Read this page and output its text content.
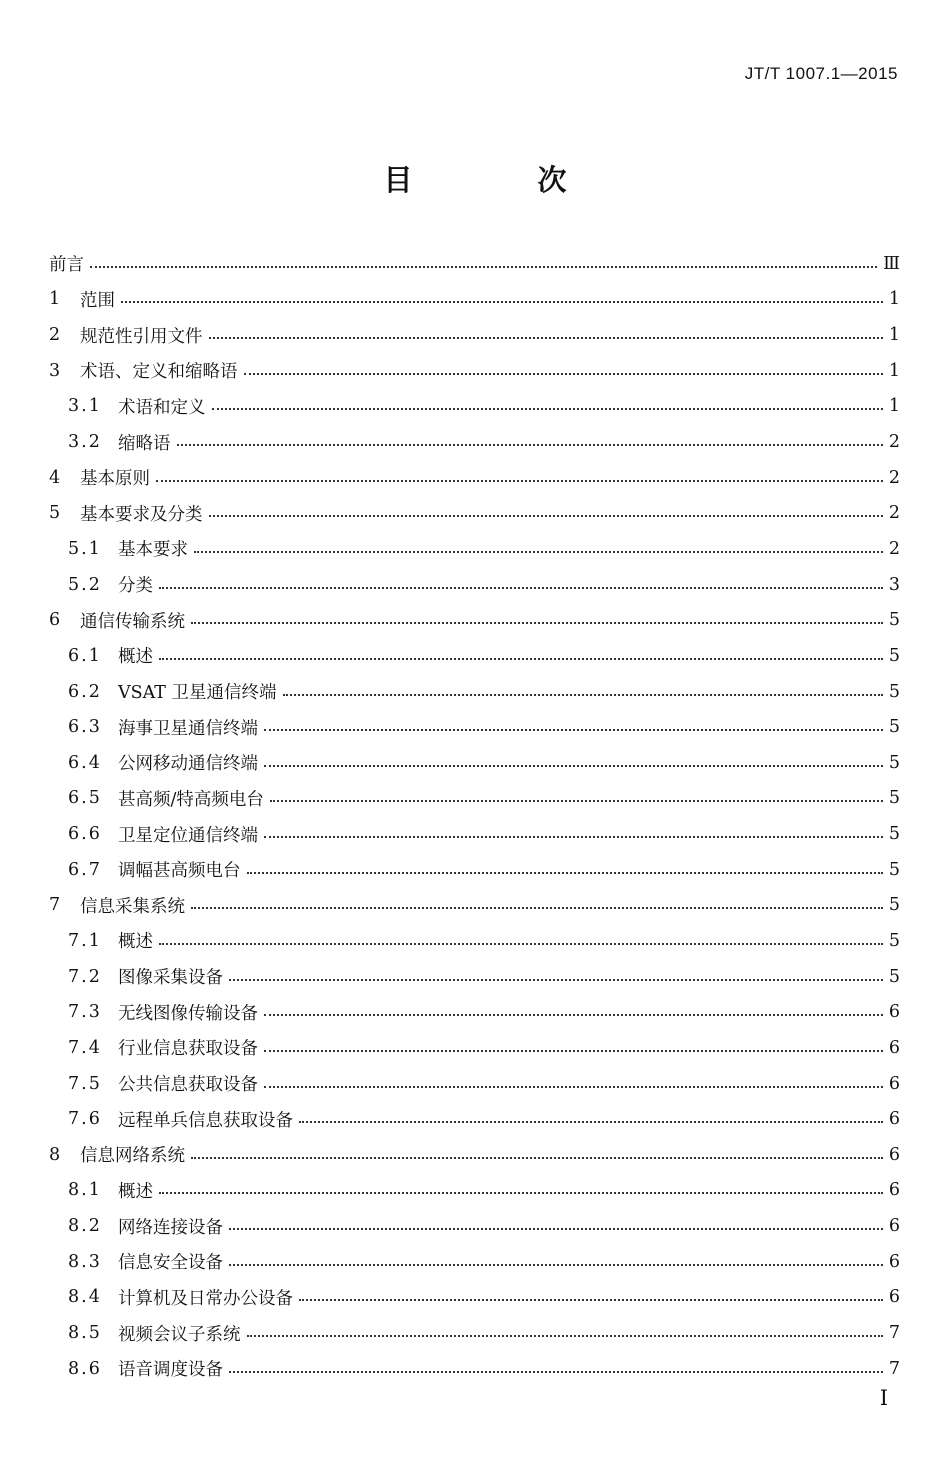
JT/T 1007.1—2015
目　次
前言	Ⅲ
1	范围	1
2	规范性引用文件	1
3	术语、定义和缩略语	1
3.1 术语和定义	1
3.2 缩略语	2
4	基本原则	2
5	基本要求及分类	2
5.1 基本要求	2
5.2 分类	3
6	通信传输系统	5
6.1 概述	5
6.2 VSAT 卫星通信终端	5
6.3 海事卫星通信终端	5
6.4 公网移动通信终端	5
6.5 甚高频/特高频电台	5
6.6 卫星定位通信终端	5
6.7 调幅甚高频电台	5
7	信息采集系统	5
7.1 概述	5
7.2 图像采集设备	5
7.3 无线图像传输设备	6
7.4 行业信息获取设备	6
7.5 公共信息获取设备	6
7.6 远程单兵信息获取设备	6
8	信息网络系统	6
8.1 概述	6
8.2 网络连接设备	6
8.3 信息安全设备	6
8.4 计算机及日常办公设备	6
8.5 视频会议子系统	7
8.6 语音调度设备	7
I
